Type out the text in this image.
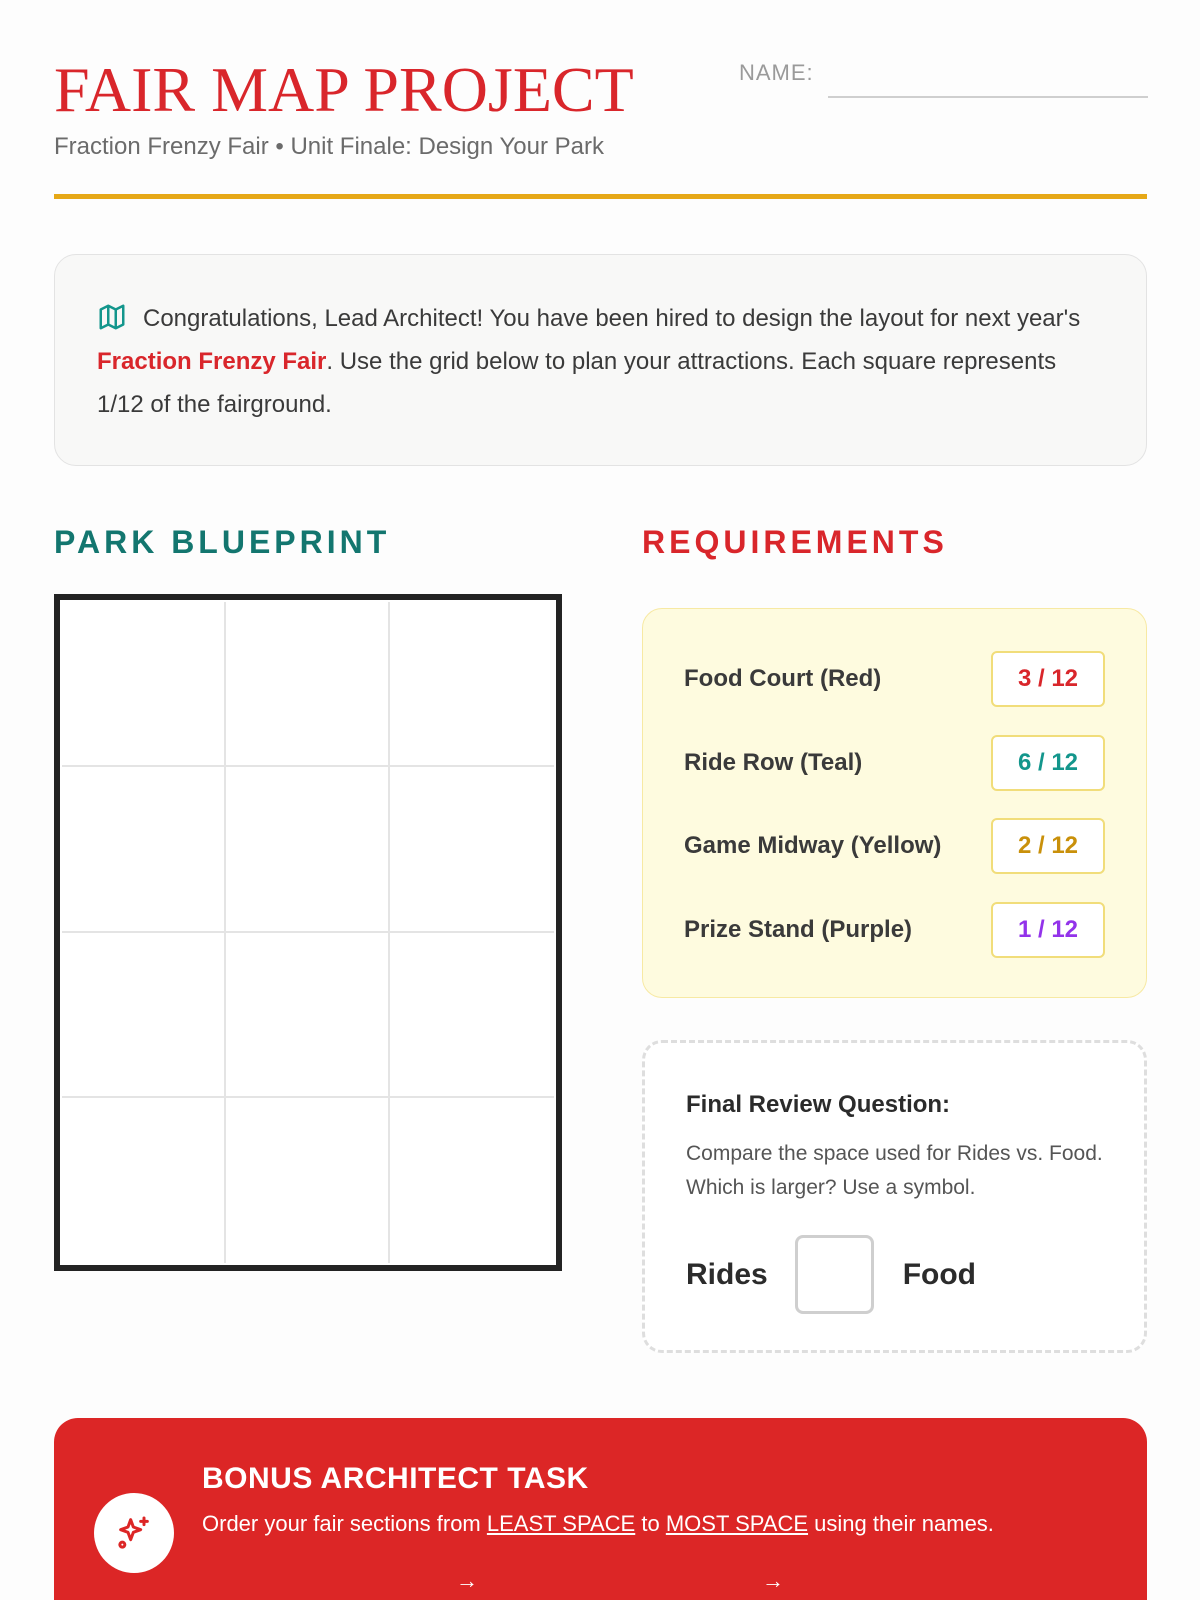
FAIR MAP PROJECT
Fraction Frenzy Fair • Unit Finale: Design Your Park
NAME:
Congratulations, Lead Architect! You have been hired to design the layout for next year's Fraction Frenzy Fair. Use the grid below to plan your attractions. Each square represents 1/12 of the fairground.
PARK BLUEPRINT	REQUIREMENTS
Food Court (Red)	3 / 12
Ride Row (Teal)	6 / 12
Game Midway (Yellow)	2 / 12
Prize Stand (Purple)	1 / 12
Final Review Question:
Compare the space used for Rides vs. Food. Which is larger? Use a symbol.
Rides	Food
BONUS ARCHITECT TASK
Order your fair sections from LEAST SPACE to MOST SPACE using their names.
→	→
